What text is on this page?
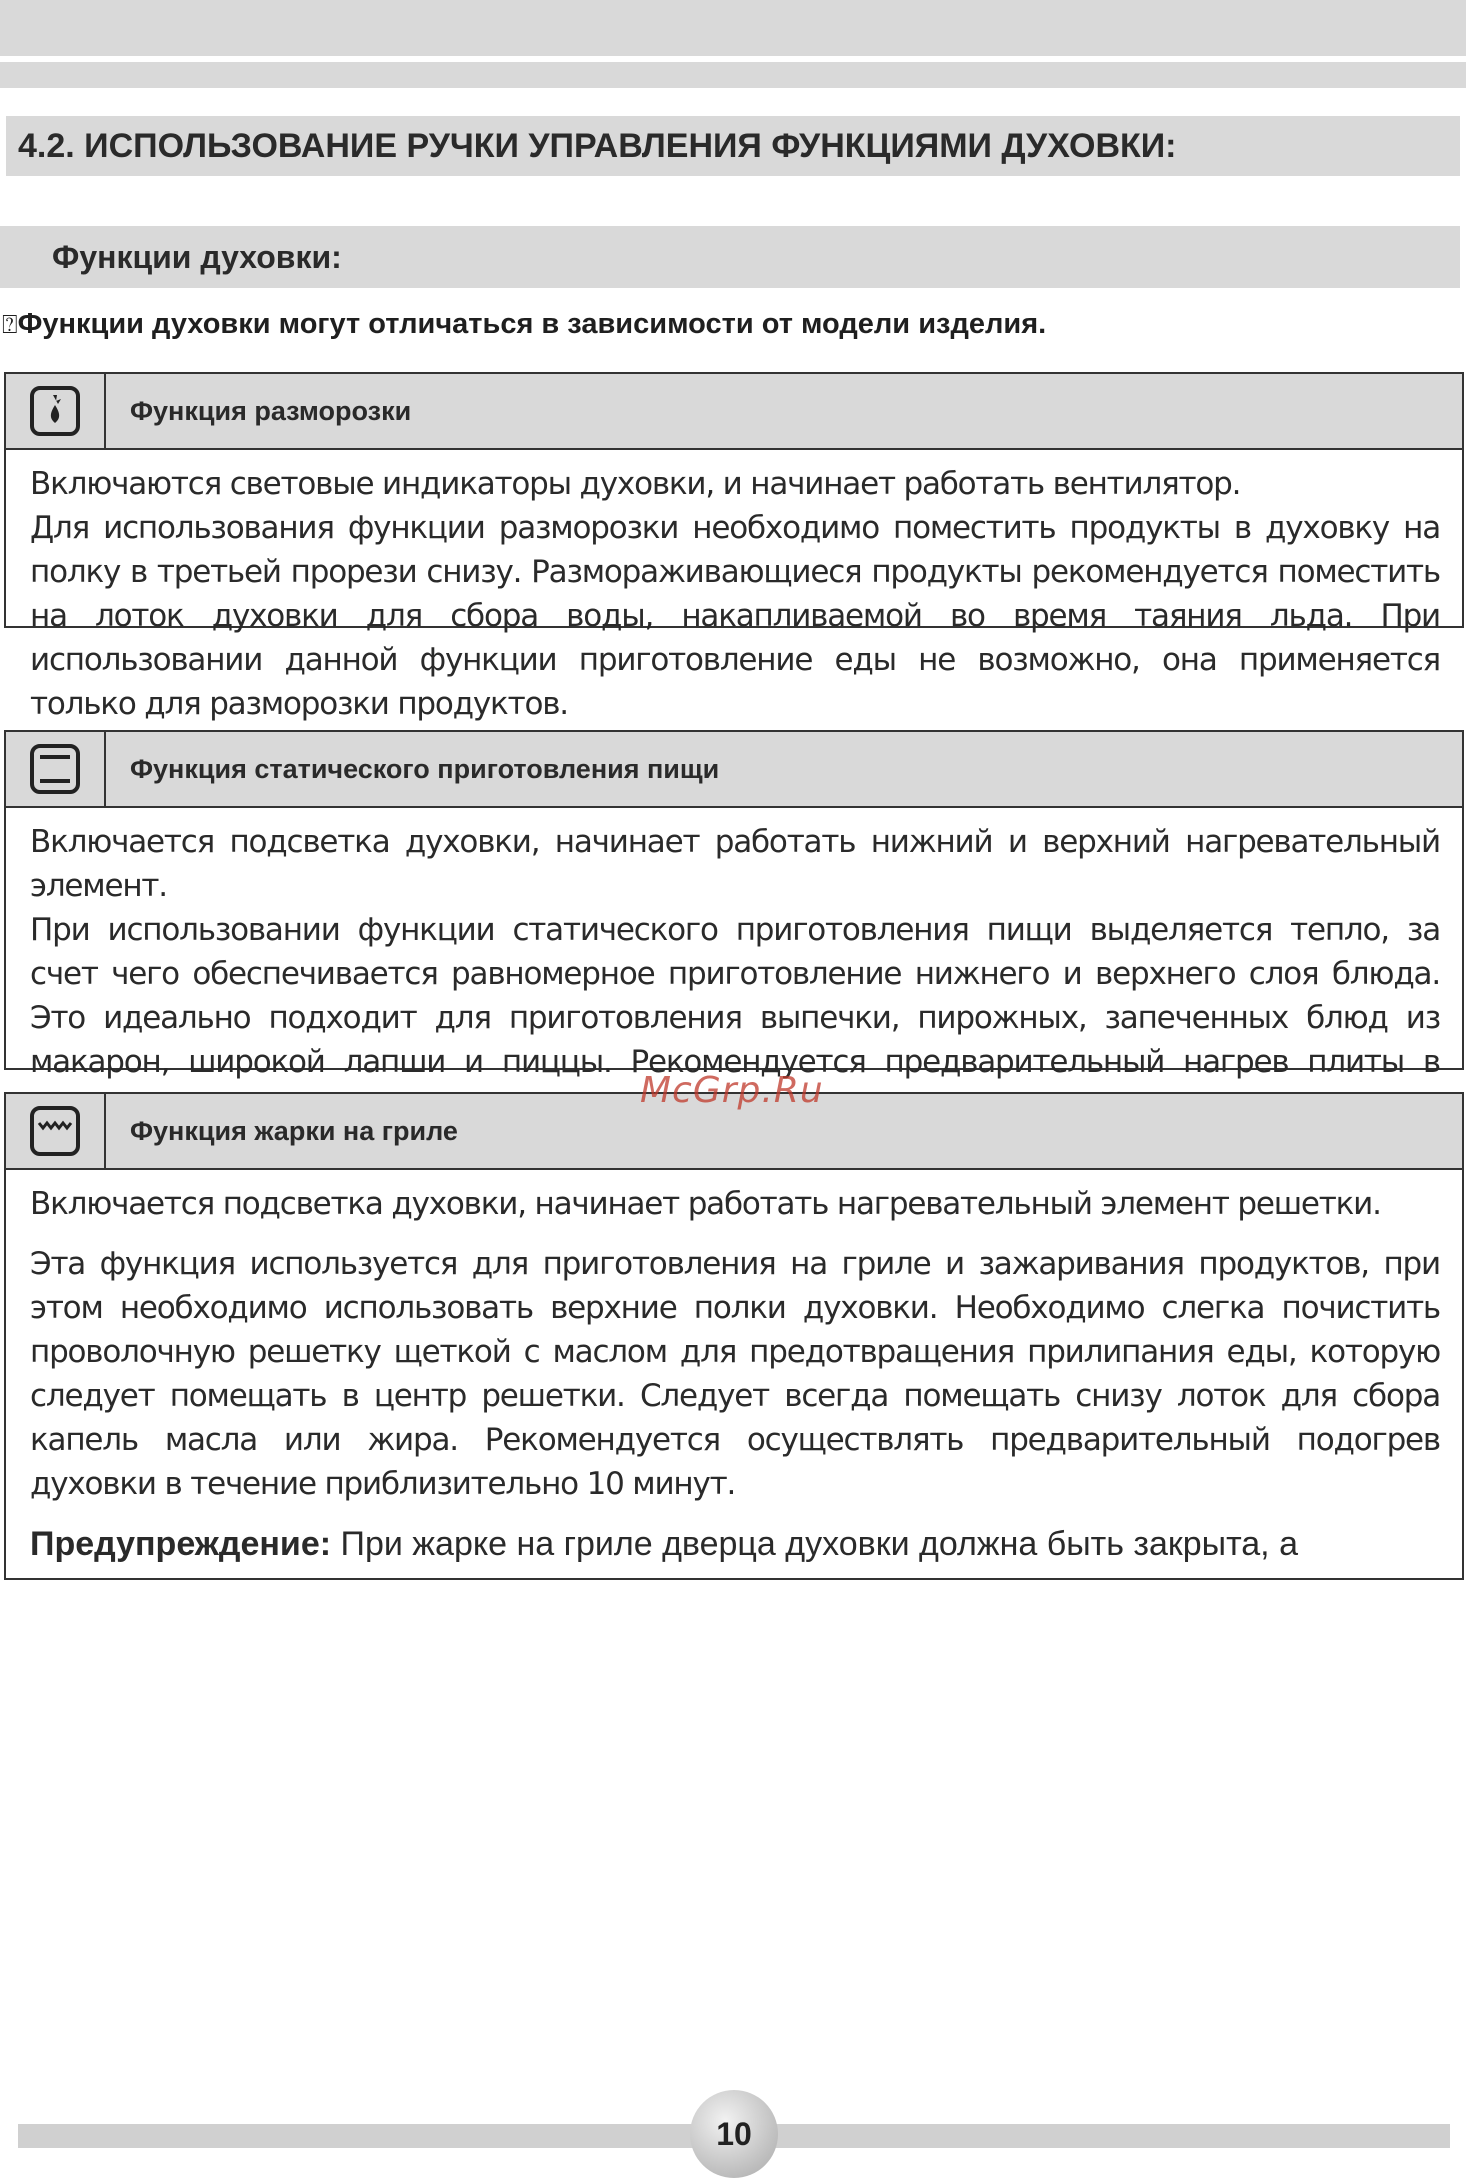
4.2. ИСПОЛЬЗОВАНИЕ РУЧКИ УПРАВЛЕНИЯ ФУНКЦИЯМИ ДУХОВКИ:
Функции духовки:
⍰Функции духовки могут отличаться в зависимости от модели изделия.
Функция разморозки

Включаются световые индикаторы духовки, и начинает работать вентилятор.

Для использования функции разморозки необходимо поместить продукты в духовку на полку в третьей прорези снизу. Размораживающиеся продукты рекомендуется поместить на лоток духовки для сбора воды, накапливаемой во время таяния льда. При использовании данной функции приготовление еды не возможно, она применяется только для разморозки продуктов.

Функция статического приготовления пищи

Включается подсветка духовки, начинает работать нижний и верхний нагревательный элемент.

При использовании функции статического приготовления пищи выделяется тепло, за счет чего обеспечивается равномерное приготовление нижнего и верхнего слоя блюда. Это идеально подходит для приготовления выпечки, пирожных, запеченных блюд из макарон, широкой лапши и пиццы. Рекомендуется предварительный нагрев плиты в

Функция жарки на гриле

Включается подсветка духовки, начинает работать нагревательный элемент решетки.

Эта функция используется для приготовления на гриле и зажаривания продуктов, при этом необходимо использовать верхние полки духовки. Необходимо слегка почистить проволочную решетку щеткой с маслом для предотвращения прилипания еды, которую следует помещать в центр решетки. Следует всегда помещать снизу лоток для сбора капель масла или жира. Рекомендуется осуществлять предварительный подогрев духовки в течение приблизительно 10 минут.

Предупреждение: При жарке на гриле дверца духовки должна быть закрыта, а

McGrp.Ru
10
